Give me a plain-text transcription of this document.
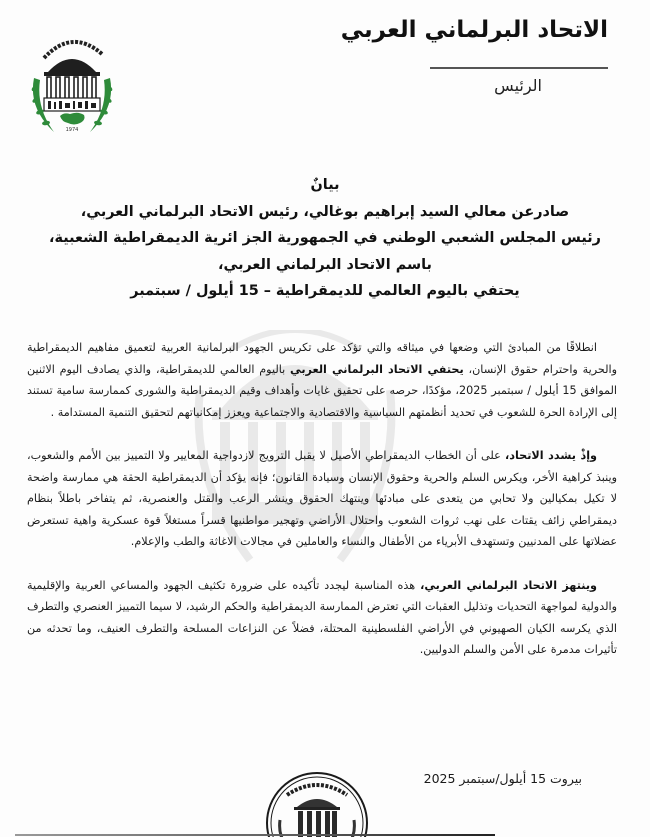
الاتحاد البرلماني العربي
الرئيس
1974
بيانٌ
صادرعن معالي السيد إبراهيم بوغالي، رئيس الاتحاد البرلماني العربي،
رئيس المجلس الشعبي الوطني في الجمهورية الجز ائرية الديمقراطية الشعبية،
باسم الاتحاد البرلماني العربي،
يحتفي باليوم العالمي للديمقراطية – 15 أيلول / سبتمبر

انطلاقًا من المبادئ التي وضعها في ميثاقه والتي تؤكد على تكريس الجهود البرلمانية العربية لتعميق مفاهيم الديمقراطية والحرية واحترام حقوق الإنسان، يحتفي الاتحاد البرلماني العربي باليوم العالمي للديمقراطية، والذي يصادف اليوم الاثنين الموافق 15 أيلول / سبتمبر 2025، مؤكدًا، حرصه على تحقيق غايات وأهداف وقيم الديمقراطية والشورى كممارسة سامية تستند إلى الإرادة الحرة للشعوب في تحديد أنظمتهم السياسية والاقتصادية والاجتماعية ويعزز إمكانياتهم لتحقيق التنمية المستدامة .

وإذْ يشدد الاتحاد، على أن الخطاب الديمقراطي الأصيل لا يقبل الترويج لازدواجية المعايير ولا التمييز بين الأمم والشعوب، وينبذ كراهية الأخر، ويكرس السلم والحرية وحقوق الإنسان وسيادة القانون؛ فإنه يؤكد أن الديمقراطية الحقة هي ممارسة واضحة لا تكيل بمكيالين ولا تحابي من يتعدى على مبادئها وينتهك الحقوق وينشر الرعب والقتل والعنصرية، ثم يتفاخر باطلاً بنظام ديمقراطي زائف يقتات على نهب ثروات الشعوب واحتلال الأراضي وتهجير مواطنيها قسراً مستغلاً قوة عسكرية واهية تستعرض عضلاتها على المدنيين وتستهدف الأبرياء من الأطفال والنساء والعاملين في مجالات الاغاثة والطب والإعلام.

وينتهز الاتحاد البرلماني العربي، هذه المناسبة ليجدد تأكيده على ضرورة تكثيف الجهود والمساعي العربية والإقليمية والدولية لمواجهة التحديات وتذليل العقبات التي تعترض الممارسة الديمقراطية والحكم الرشيد، لا سيما التمييز العنصري والتطرف الذي يكرسه الكيان الصهيوني في الأراضي الفلسطينية المحتلة، فضلاً عن النزاعات المسلحة والتطرف العنيف، وما تحدثه من تأثيرات مدمرة على الأمن والسلم الدوليين.

بيروت 15 أيلول/سبتمبر 2025
